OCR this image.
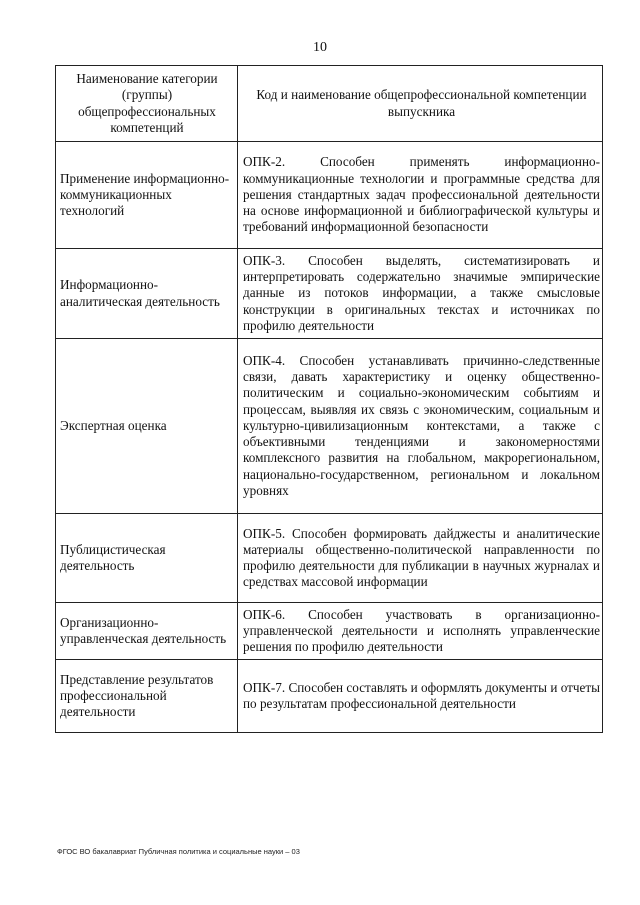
10
Наименование категории (группы) общепрофессиональных компетенций	Код и наименование общепрофессиональной компетенции выпускника
Применение информационно-коммуникационных технологий	ОПК-2. Способен применять информационно-коммуникационные технологии и программные средства для решения стандартных задач профессиональной деятельности на основе информационной и библиографической культуры и требований информационной безопасности
Информационно-аналитическая деятельность	ОПК-3. Способен выделять, систематизировать и интерпретировать содержательно значимые эмпирические данные из потоков информации, а также смысловые конструкции в оригинальных текстах и источниках по профилю деятельности
Экспертная оценка	ОПК-4. Способен устанавливать причинно-следственные связи, давать характеристику и оценку общественно-политическим и социально-экономическим событиям и процессам, выявляя их связь с экономическим, социальным и культурно-цивилизационным контекстами, а также с объективными тенденциями и закономерностями комплексного развития на глобальном, макрорегиональном, национально-государственном, региональном и локальном уровнях
Публицистическая деятельность	ОПК-5. Способен формировать дайджесты и аналитические материалы общественно-политической направленности по профилю деятельности для публикации в научных журналах и средствах массовой информации
Организационно-управленческая деятельность	ОПК-6. Способен участвовать в организационно-управленческой деятельности и исполнять управленческие решения по профилю деятельности
Представление результатов профессиональной деятельности	ОПК-7. Способен составлять и оформлять документы и отчеты по результатам профессиональной деятельности
ФГОС ВО бакалавриат Публичная политика и социальные науки – 03
